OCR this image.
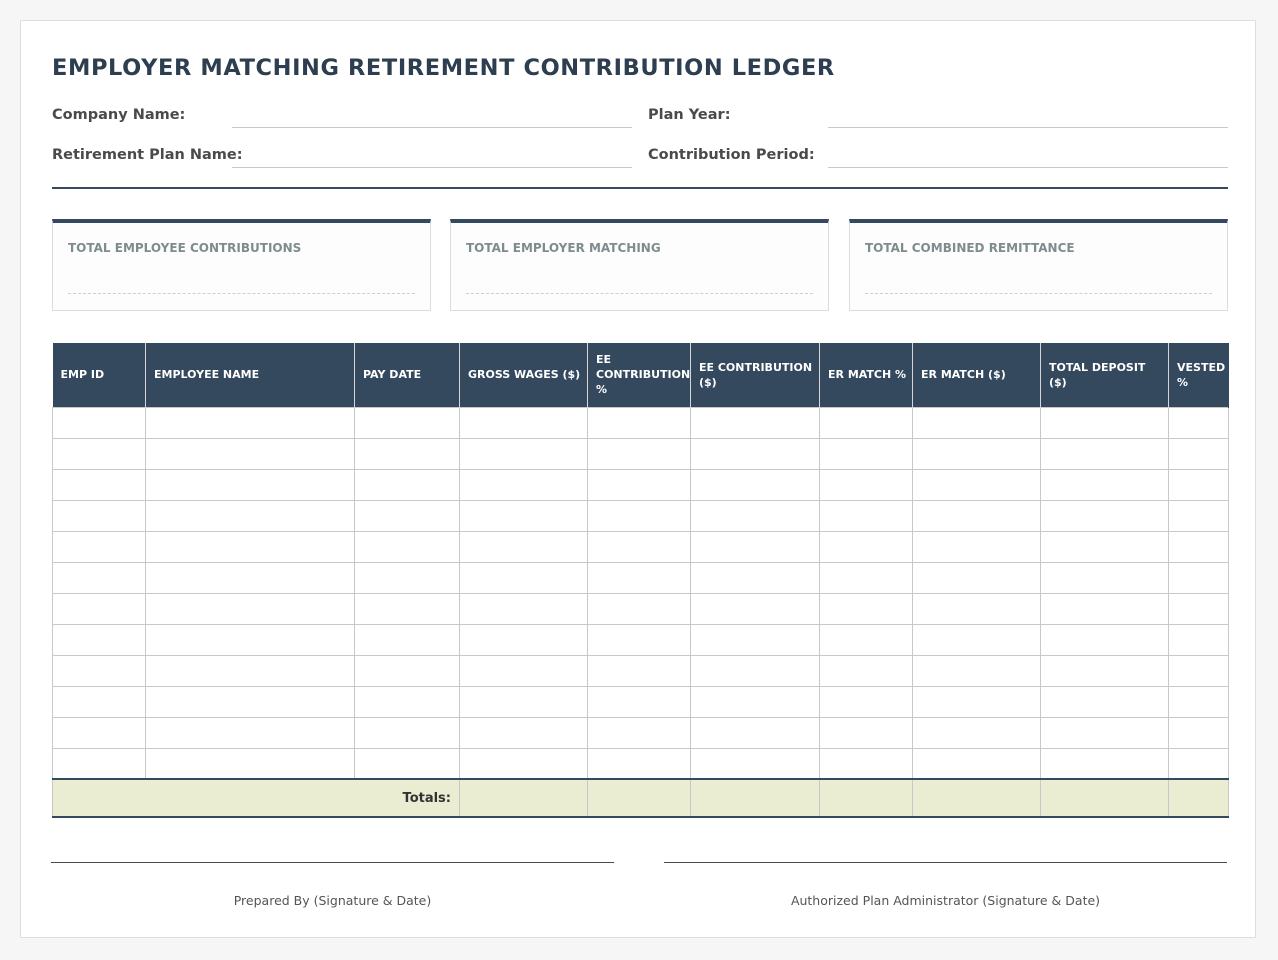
EMPLOYER MATCHING RETIREMENT CONTRIBUTION LEDGER
Company Name:	Plan Year:
Retirement Plan Name:	Contribution Period:
TOTAL EMPLOYEE CONTRIBUTIONS	TOTAL EMPLOYER MATCHING	TOTAL COMBINED REMITTANCE
EMP ID	EMPLOYEE NAME	PAY DATE	GROSS WAGES ($)	EE CONTRIBUTION %	EE CONTRIBUTION ($)	ER MATCH %	ER MATCH ($)	TOTAL DEPOSIT ($)	VESTED %

Totals:									
Prepared By (Signature & Date)	Authorized Plan Administrator (Signature & Date)
